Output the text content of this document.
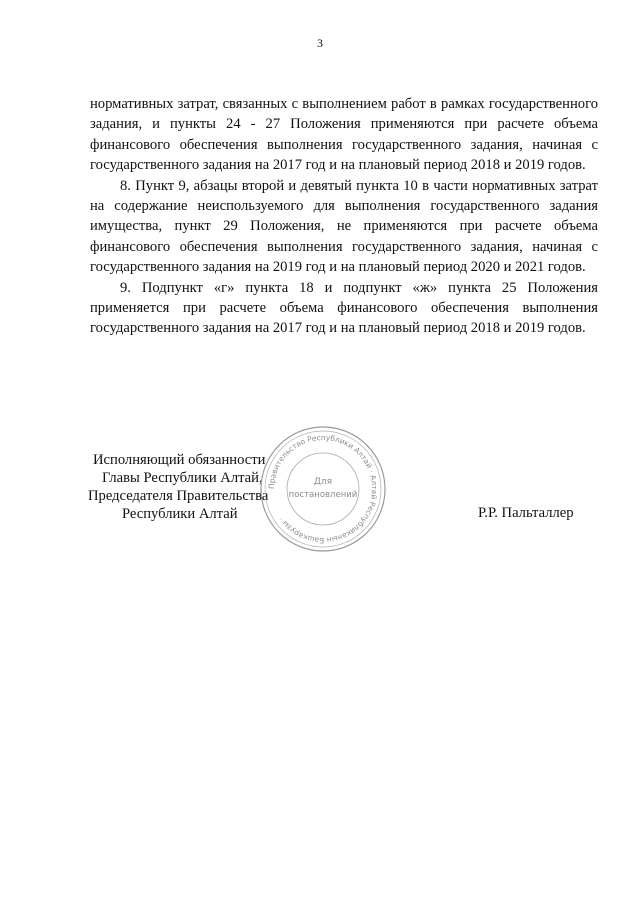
3

нормативных затрат, связанных с выполнением работ в рамках государственного задания, и пункты 24 - 27 Положения применяются при расчете объема финансового обеспечения выполнения государственного задания, начиная с государственного задания на 2017 год и на плановый период 2018 и 2019 годов.

8. Пункт 9, абзацы второй и девятый пункта 10 в части нормативных затрат на содержание неиспользуемого для выполнения государственного задания имущества, пункт 29 Положения, не применяются при расчете объема финансового обеспечения выполнения государственного задания, начиная с государственного задания на 2019 год и на плановый период 2020 и 2021 годов.

9. Подпункт «г» пункта 18 и подпункт «ж» пункта 25 Положения применяется при расчете объема финансового обеспечения выполнения государственного задания на 2017 год и на плановый период 2018 и 2019 годов.

Исполняющий обязанности
Главы Республики Алтай,
Председателя Правительства
Республики Алтай	Р.Р. Пальталлер
Правительство Республики Алтай · Алтай Республиканын Башкарузы ·
Для
постановлений
